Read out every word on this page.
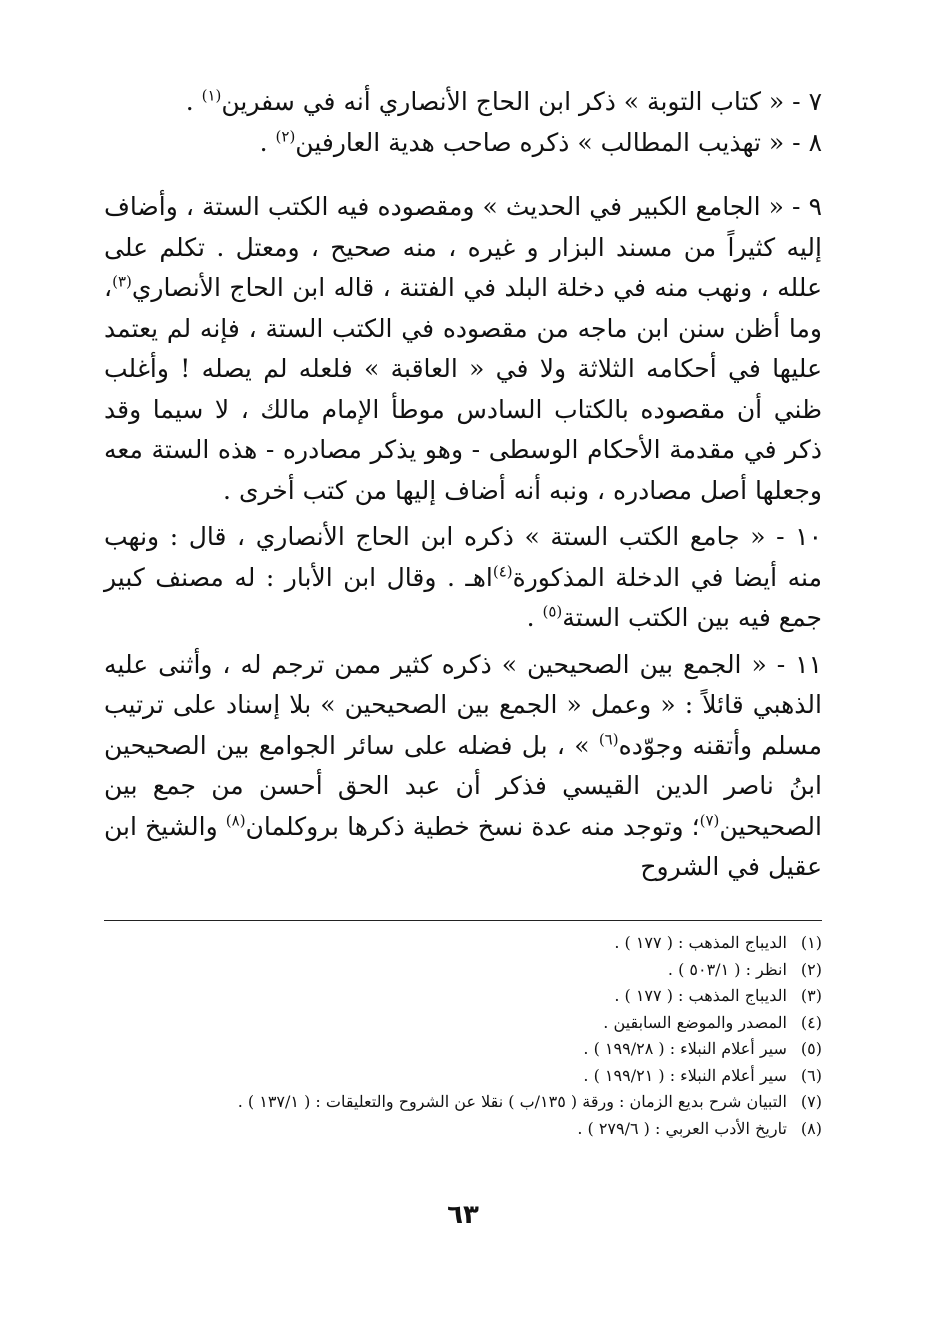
٧ - « كتاب التوبة » ذكر ابن الحاج الأنصاري أنه في سفرين$^{(١)}$ .

٨ - « تهذيب المطالب » ذكره صاحب هدية العارفين$^{(٢)}$ .

٩ - « الجامع الكبير في الحديث » ومقصوده فيه الكتب الستة ، وأضاف إليه كثيراً من مسند البزار و غيره ، منه صحيح ، ومعتل . تكلم على علله ، ونهب منه في دخلة البلد في الفتنة ، قاله ابن الحاج الأنصاري$^{(٣)}$، وما أظن سنن ابن ماجه من مقصوده في الكتب الستة ، فإنه لم يعتمد عليها في أحكامه الثلاثة ولا في « العاقبة » فلعله لم يصله ! وأغلب ظني أن مقصوده بالكتاب السادس موطأ الإمام مالك ، لا سيما وقد ذكر في مقدمة الأحكام الوسطى - وهو يذكر مصادره - هذه الستة معه وجعلها أصل مصادره ، ونبه أنه أضاف إليها من كتب أخرى .

١٠ - « جامع الكتب الستة » ذكره ابن الحاج الأنصاري ، قال : ونهب منه أيضا في الدخلة المذكورة$^{(٤)}$اهـ . وقال ابن الأبار : له مصنف كبير جمع فيه بين الكتب الستة$^{(٥)}$ .

١١ - « الجمع بين الصحيحين » ذكره كثير ممن ترجم له ، وأثنى عليه الذهبي قائلاً : « وعمل « الجمع بين الصحيحين » بلا إسناد على ترتيب مسلم وأتقنه وجوّده$^{(٦)}$ » ، بل فضله على سائر الجوامع بين الصحيحين ابنُ ناصر الدين القيسي فذكر أن عبد الحق أحسن من جمع بين الصحيحين$^{(٧)}$؛ وتوجد منه عدة نسخ خطية ذكرها بروكلمان$^{(٨)}$ والشيخ ابن عقيل في الشروح

(١) الديباج المذهب : ( ١٧٧ ) .
(٢) انظر : ( ٥٠٣/١ ) .
(٣) الديباج المذهب : ( ١٧٧ ) .
(٤) المصدر والموضع السابقين .
(٥) سير أعلام النبلاء : ( ١٩٩/٢٨ ) .
(٦) سير أعلام النبلاء : ( ١٩٩/٢١ ) .
(٧) التبيان شرح بديع الزمان : ورقة ( ١٣٥/ب ) نقلا عن الشروح والتعليقات : ( ١٣٧/١ ) .
(٨) تاريخ الأدب العربي : ( ٢٧٩/٦ ) .
٦٣
